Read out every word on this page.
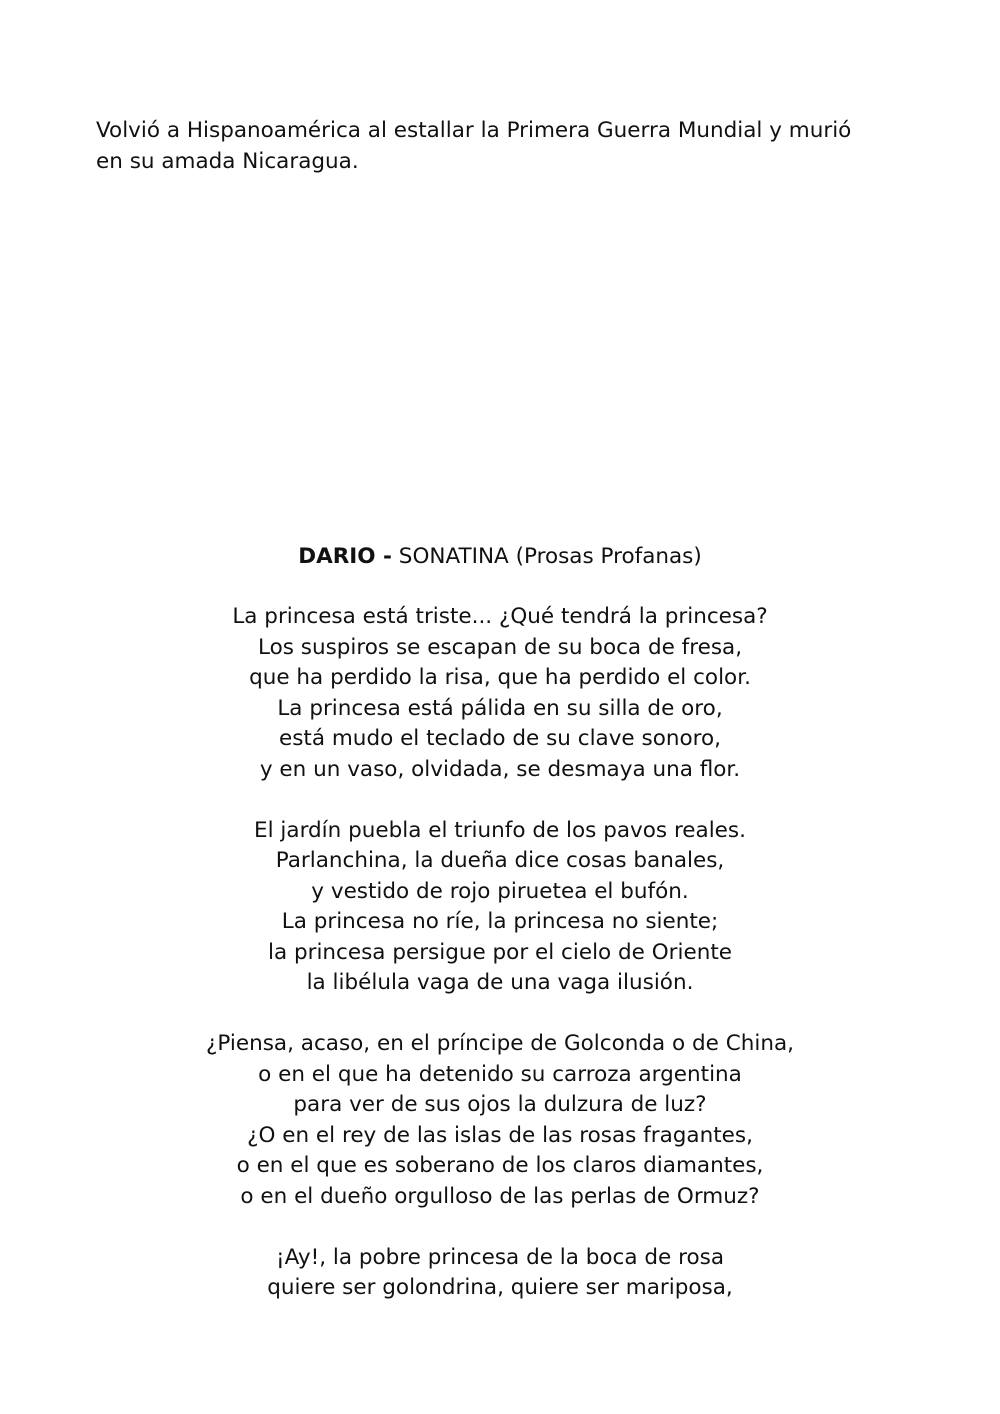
Volvió a Hispanoamérica al estallar la Primera Guerra Mundial y murió
en su amada Nicaragua.
DARIO - SONATINA (Prosas Profanas)
La princesa está triste... ¿Qué tendrá la princesa?
Los suspiros se escapan de su boca de fresa,
que ha perdido la risa, que ha perdido el color.
La princesa está pálida en su silla de oro,
está mudo el teclado de su clave sonoro,
y en un vaso, olvidada, se desmaya una flor.
El jardín puebla el triunfo de los pavos reales.
Parlanchina, la dueña dice cosas banales,
y vestido de rojo piruetea el bufón.
La princesa no ríe, la princesa no siente;
la princesa persigue por el cielo de Oriente
la libélula vaga de una vaga ilusión.
¿Piensa, acaso, en el príncipe de Golconda o de China,
o en el que ha detenido su carroza argentina
para ver de sus ojos la dulzura de luz?
¿O en el rey de las islas de las rosas fragantes,
o en el que es soberano de los claros diamantes,
o en el dueño orgulloso de las perlas de Ormuz?
¡Ay!, la pobre princesa de la boca de rosa
quiere ser golondrina, quiere ser mariposa,
